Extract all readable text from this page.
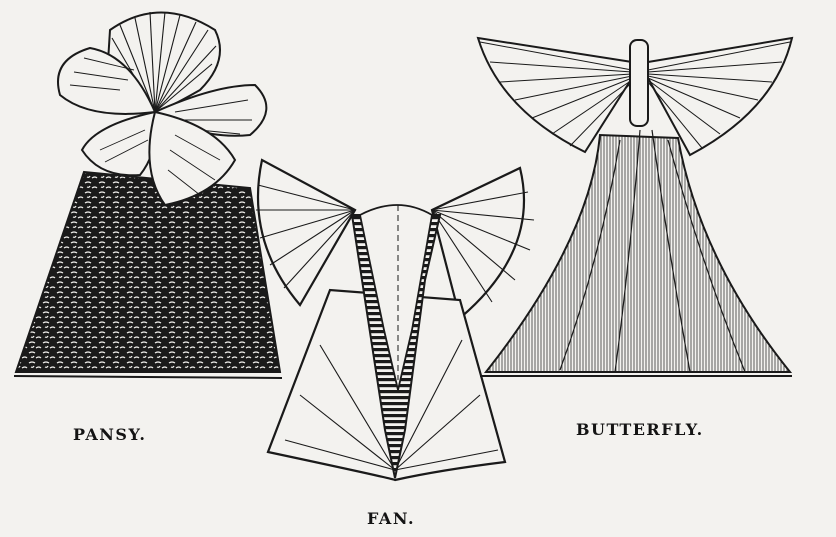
PANSY.
FAN.
BUTTERFLY.
